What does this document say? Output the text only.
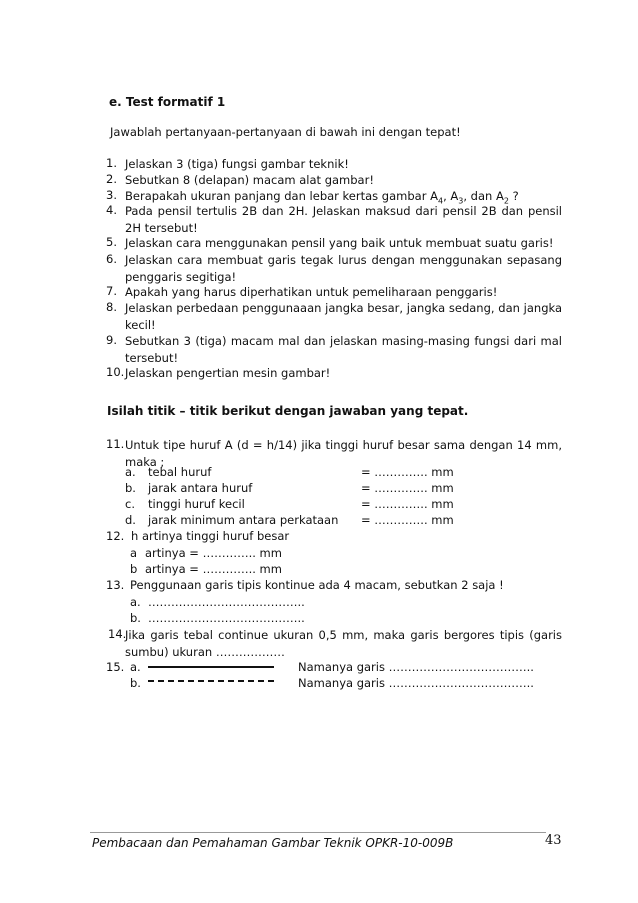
e. Test formatif 1
Jawablah pertanyaan-pertanyaan di bawah ini dengan tepat!
1. Jelaskan 3 (tiga) fungsi gambar teknik!
2. Sebutkan 8 (delapan) macam alat gambar!
3. Berapakah ukuran panjang dan lebar kertas gambar $A_4$, $A_3$, dan $A_2$ ?
4. Pada pensil tertulis 2B dan 2H. Jelaskan maksud dari pensil 2B dan pensil 2H tersebut!
5. Jelaskan cara menggunakan pensil yang baik untuk membuat suatu garis!
6. Jelaskan cara membuat garis tegak lurus dengan menggunakan sepasang penggaris segitiga!
7. Apakah yang harus diperhatikan untuk pemeliharaan penggaris!
8. Jelaskan perbedaan penggunaaan jangka besar, jangka sedang, dan jangka kecil!
9. Sebutkan 3 (tiga) macam mal dan jelaskan masing-masing fungsi dari mal tersebut!
10. Jelaskan pengertian mesin gambar!
Isilah titik – titik berikut dengan jawaban yang tepat.
11. Untuk tipe huruf A (d = h/14) jika tinggi huruf besar sama dengan 14 mm, maka ;
a. tebal huruf	= ………….. mm
b. jarak antara huruf	= ………….. mm
c. tinggi huruf kecil	= ………….. mm
d. jarak minimum antara perkataan = ………….. mm
12. h artinya tinggi huruf besar
a artinya = ………….. mm
b artinya = ………….. mm
13. Penggunaan garis tipis kontinue ada 4 macam, sebutkan 2 saja !
a. …………………………………..
b. …………………………………..
14.
Jika garis tebal continue ukuran 0,5 mm, maka garis bergores tipis (garis sumbu) ukuran ………………
15. a.	Namanya garis ………………………………..
b.	Namanya garis ………………………………..
Pembacaan dan Pemahaman Gambar Teknik OPKR-10-009B	43
